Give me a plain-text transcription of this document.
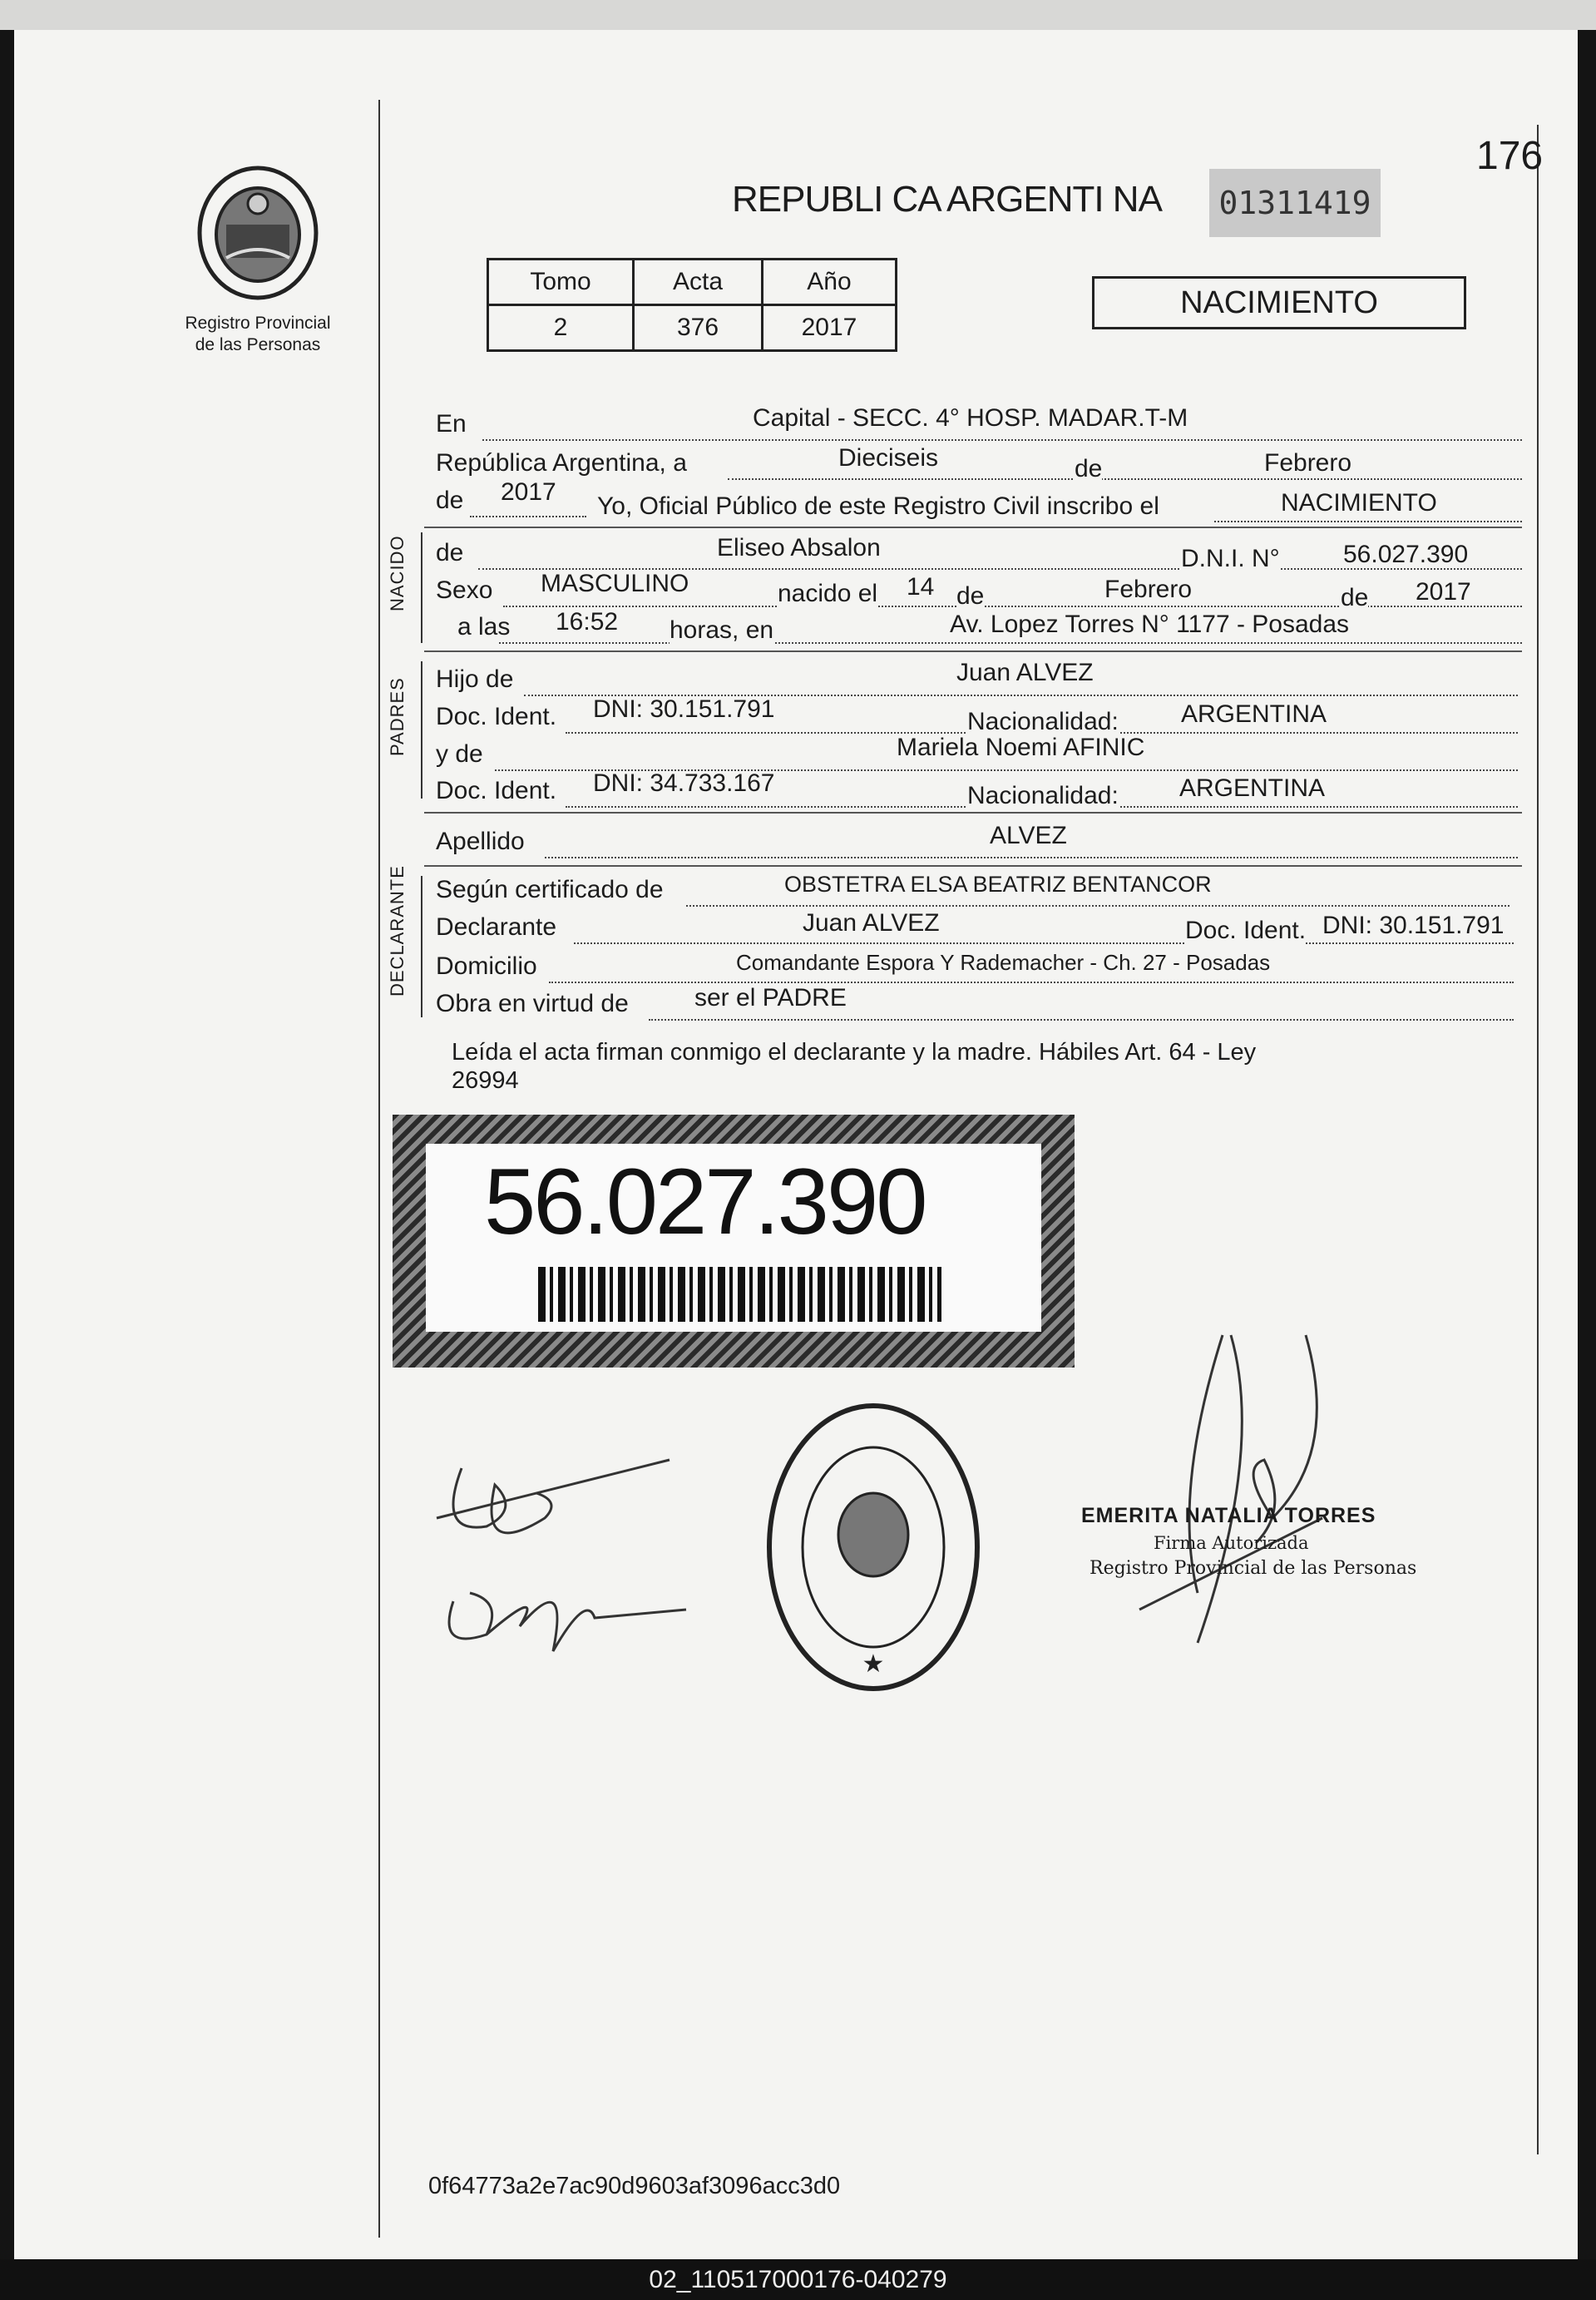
176
Registro Provincial
de las Personas
REPUBLI CA ARGENTI NA	01311419
Tomo	Acta	Año
2	376	2017
NACIMIENTO
En	Capital - SECC. 4° HOSP. MADAR.T-M
República Argentina, a	Dieciseis	de	Febrero
de 2017
Yo, Oficial Público de este Registro Civil inscribo el	NACIMIENTO
NACIDO de	Eliseo Absalon	D.N.I. N°	56.027.390
Sexo MASCULINO	nacido el 14 de	Febrero	de 2017
a las 16:52 horas, en	Av. Lopez Torres N° 1177 - Posadas
PADRES Hijo de	Juan ALVEZ
Doc. Ident. DNI: 30.151.791	Nacionalidad:	ARGENTINA
y de	Mariela Noemi AFINIC
Doc. Ident. DNI: 34.733.167	Nacionalidad: ARGENTINA
Apellido	ALVEZ
DECLARANTE Según certificado de	OBSTETRA ELSA BEATRIZ BENTANCOR
Declarante	Juan ALVEZ	Doc. Ident. DNI: 30.151.791
Domicilio	Comandante Espora Y Rademacher - Ch. 27 - Posadas
Obra en virtud de	ser el PADRE
Leída el acta firman conmigo el declarante y la madre. Hábiles Art. 64 - Ley
26994
56.027.390
★
EMERITA NATALIA TORRES
Firma Autorizada
Registro Provincial de las Personas
0f64773a2e7ac90d9603af3096acc3d0
02_110517000176-040279
